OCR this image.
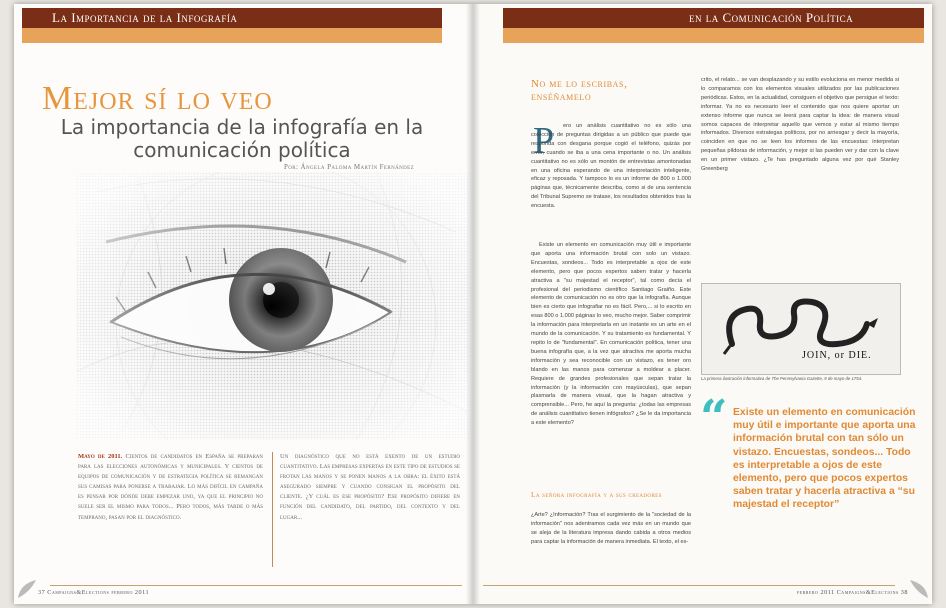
La Importancia de la Infografía
Mejor sí lo veo
La importancia de la infografía en la comunicación política
Por: Ángela Paloma Martín Fernández
Mayo de 2011. Cientos de candidatos en España se preparan para las elecciones autonómicas y municipales. Y cientos de equipos de comunicación y de estrategia política se remangan sus camisas para ponerse a trabajar. Lo más difícil en campaña es pensar por dónde debe empezar uno, ya que el principio no suele ser el mismo para todos... Pero todos, más tarde o más temprano, pasan por el diagnóstico.
Un diagnóstico que no está exento de un estudio cuantitativo. Las empresas expertas en este tipo de estudios se frotan las manos y se ponen manos a la obra: el éxito está asegurado siempre y cuando consigan el propósito del cliente. ¿Y cuál es ese propósito? Ese propósito difiere en función del candidato, del partido, del contexto y del lugar...
37 Campaigns&Elections febrero 2011
en la Comunicación Política
No me lo escribas, enséñamelo
P	ero un análisis cuantitativo no es sólo una colección de preguntas dirigidas a un público que puede que responda con desgana porque cogió el teléfono, quizás por error, cuando se iba a una cena importante o no. Un análisis cuantitativo no es sólo un montón de entrevistas amontonadas en una oficina esperando de una interpretación inteligente, eficaz y reposada. Y tampoco lo es un informe de 800 o 1.000 páginas que, técnicamente describa, como si de una sentencia del Tribunal Supremo se tratase, los resultados obtenidos tras la encuesta.
Existe un elemento en comunicación muy útil e importante que aporta una información brutal con solo un vistazo. Encuestas, sondeos... Todo es interpretable a ojos de este elemento, pero que pocos expertos saben tratar y hacerla atractiva a "su majestad el receptor", tal como decía el profesional del periodismo científico Santiago Graiño. Este elemento de comunicación no es otro que la infografía. Aunque bien es cierto que infografiar no es fácil. Pero,... si lo escrito en esas 800 o 1.000 páginas lo veo, mucho mejor. Saber comprimir la información para interpretarla en un instante es un arte en el mundo de la comunicación. Y su tratamiento es fundamental. Y repito lo de "fundamental". En comunicación política, tener una buena infografía que, a la vez que atractiva me aporta mucha información y sea reconocible con un vistazo, es tener oro blando en las manos para comenzar a moldear a placer. Requiere de grandes profesionales que sepan tratar la información (y la información con mayúsculas), que sepan plasmarla de manera visual, que la hagan atractiva y comprensible... Pero, he aquí la pregunta: ¿todas las empresas de análisis cuantitativo tienen infógrafos? ¿Se le da importancia a este elemento?
La señora infografía y a sus creadores
¿Arte? ¿Información? Tras el surgimiento de la "sociedad de la información" nos adentramos cada vez más en un mundo que se aleja de la literatura impresa dando cabida a otros medios para captar la información de manera inmediata. El texto, el es-
crito, el relato... se van desplazando y su estilo evoluciona en menor medida si lo comparamos con los elementos visuales utilizados por las publicaciones periódicas. Estos, en la actualidad, consiguen el objetivo que persigue el texto: informar. Ya no es necesario leer el contenido que nos quiere aportar un extenso informe que nunca se leerá para captar la idea: de manera visual somos capaces de interpretar aquello que vemos y estar al mismo tiempo informados. Diversos estrategas políticos, por no arriesgar y decir la mayoría, coinciden en que no se leen los informes de las encuestas: interpretan pequeñas píldoras de información, y mejor si las pueden ver y dar con la clave en un primer vistazo. ¿Te has preguntado alguna vez por qué Stanley Greenberg
JOIN, or DIE.
La primera ilustración informativa de The Pennsylvania Gazette, 9 de mayo de 1754.
“ Existe un elemento en comunicación muy útil e importante que aporta una información brutal con tan sólo un vistazo. Encuestas, sondeos... Todo es interpretable a ojos de este elemento, pero que pocos expertos saben tratar y hacerla atractiva a “su majestad el receptor”
febrero 2011 Campaigns&Elections 38
